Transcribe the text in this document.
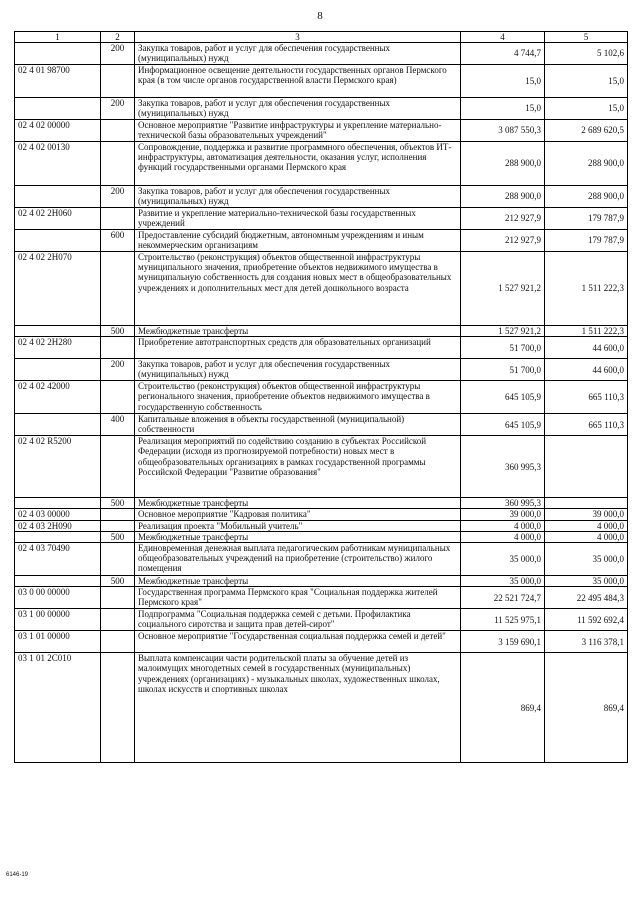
8
1	2	3	4	5
	200	Закупка товаров, работ и услуг для обеспечения государственных (муниципальных) нужд	4 744,7	5 102,6
02 4 01 98700		Информационное освещение деятельности государственных органов Пермского края (в том числе органов государственной власти Пермского края)	15,0	15,0
	200	Закупка товаров, работ и услуг для обеспечения государственных (муниципальных) нужд	15,0	15,0
02 4 02 00000		Основное мероприятие "Развитие инфраструктуры и укрепление материально-технической базы образовательных учреждений"	3 087 550,3	2 689 620,5
02 4 02 00130		Сопровождение, поддержка и развитие программного обеспечения, объектов ИТ-инфраструктуры, автоматизация деятельности, оказания услуг, исполнения функций государственными органами Пермского края	288 900,0	288 900,0
	200	Закупка товаров, работ и услуг для обеспечения государственных (муниципальных) нужд	288 900,0	288 900,0
02 4 02 2Н060		Развитие и укрепление материально-технической базы государственных учреждений	212 927,9	179 787,9
	600	Предоставление субсидий бюджетным, автономным учреждениям и иным некоммерческим организациям	212 927,9	179 787,9
02 4 02 2Н070		Строительство (реконструкция) объектов общественной инфраструктуры муниципального значения, приобретение объектов недвижимого имущества в муниципальную собственность для создания новых мест в общеобразовательных учреждениях и дополнительных мест для детей дошкольного возраста	1 527 921,2	1 511 222,3
	500	Межбюджетные трансферты	1 527 921,2	1 511 222,3
02 4 02 2Н280		Приобретение автотранспортных средств для образовательных организаций	51 700,0	44 600,0
	200	Закупка товаров, работ и услуг для обеспечения государственных (муниципальных) нужд	51 700,0	44 600,0
02 4 02 42000		Строительство (реконструкция) объектов общественной инфраструктуры регионального значения, приобретение объектов недвижимого имущества в государственную собственность	645 105,9	665 110,3
	400	Капитальные вложения в объекты государственной (муниципальной) собственности	645 105,9	665 110,3
02 4 02 R5200		Реализация мероприятий по содействию созданию в субъектах Российской Федерации (исходя из прогнозируемой потребности) новых мест в общеобразовательных организациях в рамках государственной программы Российской Федерации "Развитие образования"	360 995,3	
	500	Межбюджетные трансферты	360 995,3	
02 4 03 00000		Основное мероприятие "Кадровая политика"	39 000,0	39 000,0
02 4 03 2Н090		Реализация проекта "Мобильный учитель"	4 000,0	4 000,0
	500	Межбюджетные трансферты	4 000,0	4 000,0
02 4 03 70490		Единовременная денежная выплата педагогическим работникам муниципальных общеобразовательных учреждений на приобретение (строительство) жилого помещения	35 000,0	35 000,0
	500	Межбюджетные трансферты	35 000,0	35 000,0
03 0 00 00000		Государственная программа Пермского края "Социальная поддержка жителей Пермского края"	22 521 724,7	22 495 484,3
03 1 00 00000		Подпрограмма "Социальная поддержка семей с детьми. Профилактика социального сиротства и защита прав детей-сирот"	11 525 975,1	11 592 692,4
03 1 01 00000		Основное мероприятие "Государственная социальная поддержка семей и детей"	3 159 690,1	3 116 378,1
03 1 01 2С010		Выплата компенсации части родительской платы за обучение детей из малоимущих многодетных семей в государственных (муниципальных) учреждениях (организациях) - музыкальных школах, художественных школах, школах искусств и спортивных школах	869,4	869,4
6146-19
